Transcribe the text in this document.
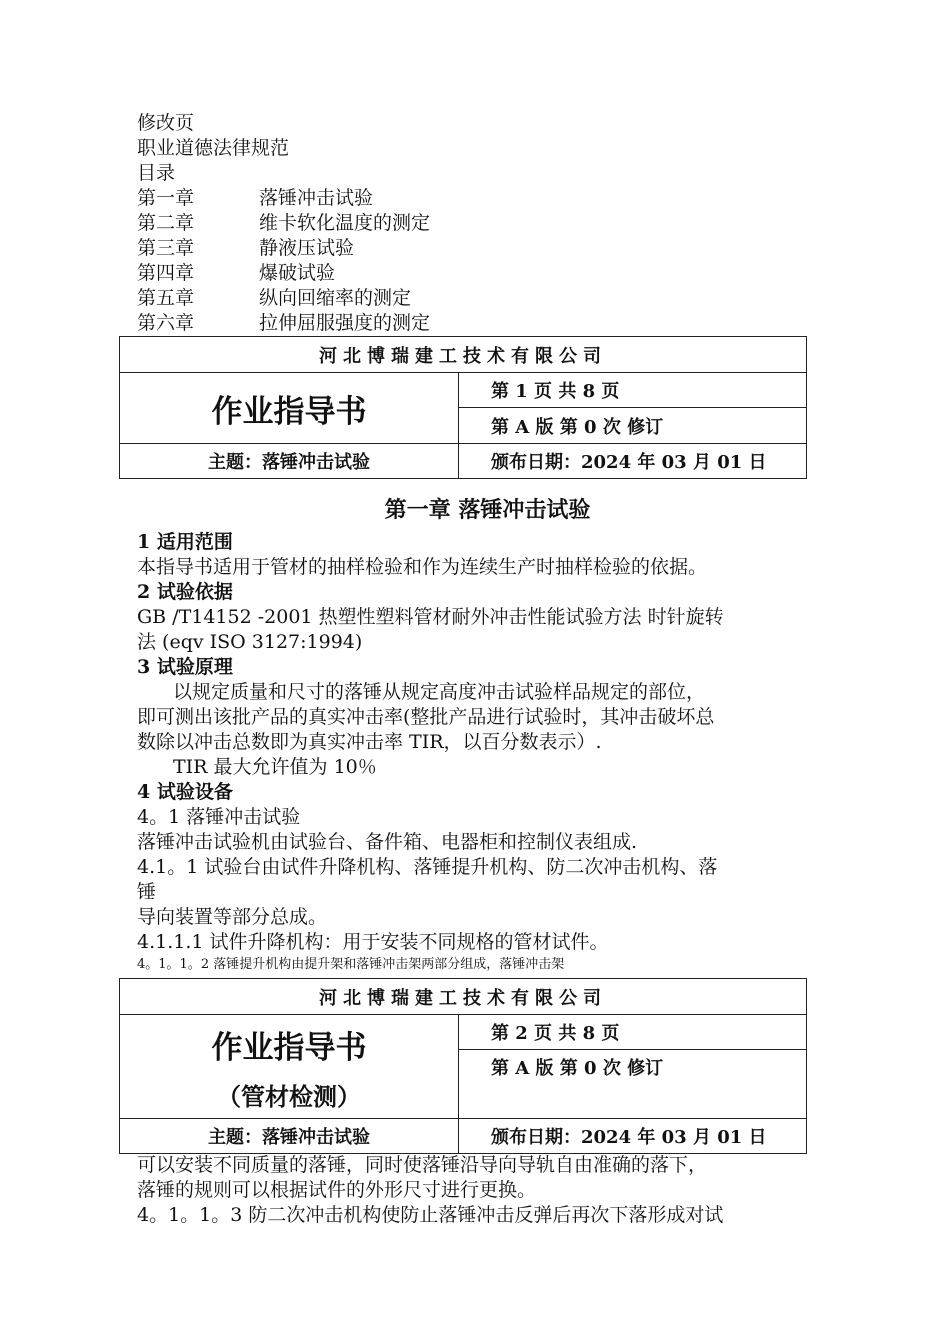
修改页
职业道德法律规范
目录
第一章	落锤冲击试验
第二章	维卡软化温度的测定
第三章	静液压试验
第四章	爆破试验
第五章	纵向回缩率的测定
第六章	拉伸屈服强度的测定
河北博瑞建工技术有限公司	
作业指导书	第 1 页 共 8 页
	第 A 版 第 0 次 修订
主题：落锤冲击试验	颁布日期：2024 年 03 月 01 日
第一章 落锤冲击试验
1 适用范围
本指导书适用于管材的抽样检验和作为连续生产时抽样检验的依据。
2 试验依据
GB /T14152 -2001 热塑性塑料管材耐外冲击性能试验方法 时针旋转
法 (eqv ISO 3127:1994)
3 试验原理
以规定质量和尺寸的落锤从规定高度冲击试验样品规定的部位，
即可测出该批产品的真实冲击率(整批产品进行试验时，其冲击破坏总
数除以冲击总数即为真实冲击率 TIR，以百分数表示）.
TIR 最大允许值为 10％
4 试验设备
4。1 落锤冲击试验
落锤冲击试验机由试验台、备件箱、电器柜和控制仪表组成.
4.1。1 试验台由试件升降机构、落锤提升机构、防二次冲击机构、落
锤
导向装置等部分总成。
4.1.1.1 试件升降机构：用于安装不同规格的管材试件。
4。1。1。2 落锤提升机构由提升架和落锤冲击架两部分组成，落锤冲击架
河北博瑞建工技术有限公司	
作业指导书
（管材检测）	第 2 页 共 8 页
	第 A 版 第 0 次 修订
主题：落锤冲击试验	颁布日期：2024 年 03 月 01 日
可以安装不同质量的落锤，同时使落锤沿导向导轨自由准确的落下，
落锤的规则可以根据试件的外形尺寸进行更换。
4。1。1。3 防二次冲击机构使防止落锤冲击反弹后再次下落形成对试
